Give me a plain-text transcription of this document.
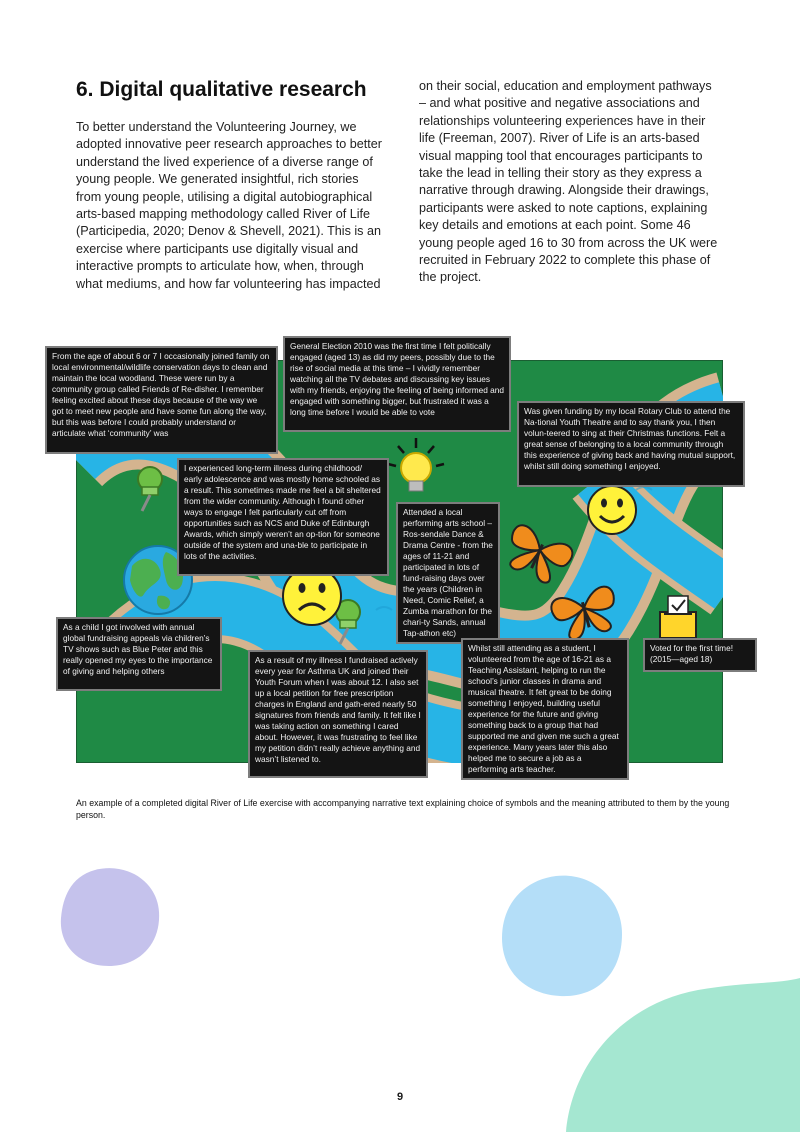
6. Digital qualitative research

To better understand the Volunteering Journey, we adopted innovative peer research approaches to better understand the lived experience of a diverse range of young people. We generated insightful, rich stories from young people, utilising a digital autobiographical arts-based mapping methodology called River of Life (Participedia, 2020; Denov & Shevell, 2021). This is an exercise where participants use digitally visual and interactive prompts to articulate how, when, through what mediums, and how far volunteering has impacted

on their social, education and employment pathways – and what positive and negative associations and relationships volunteering experiences have in their life (Freeman, 2007). River of Life is an arts-based visual mapping tool that encourages participants to take the lead in telling their story as they express a narrative through drawing. Alongside their drawings, participants were asked to note captions, explaining key details and emotions at each point. Some 46 young people aged 16 to 30 from across the UK were recruited in February 2022 to complete this phase of the project.

From the age of about 6 or 7 I occasionally joined family on local environmental/wildlife conservation days to clean and maintain the local woodland. These were run by a community group called Friends of Re-disher. I remember feeling excited about these days because of the way we got to meet new people and have some fun along the way, but this was before I could probably understand or articulate what ‘community’ was

General Election 2010 was the first time I felt politically engaged (aged 13) as did my peers, possibly due to the rise of social media at this time – I vividly remember watching all the TV debates and discussing key issues with my friends, enjoying the feeling of being informed and engaged with something bigger, but frustrated it was a long time before I would be able to vote	Was given funding by my local Rotary Club to attend the Na-tional Youth Theatre and to say thank you, I then volun-teered to sing at their Christmas functions. Felt a great sense of belonging to a local community through this experience of giving back and having mutual support, whilst still doing something I enjoyed.

I experienced long-term illness during childhood/ early adolescence and was mostly home schooled as a result. This sometimes made me feel a bit sheltered from the wider community. Although I found other ways to engage I felt particularly cut off from opportunities such as NCS and Duke of Edinburgh Awards, which simply weren’t an op-tion for someone outside of the system and una-ble to participate in lots of the activities.

Attended a local performing arts school – Ros-sendale Dance & Drama Centre - from the ages of 11-21 and participated in lots of fund-raising days over the years (Children in Need, Comic Relief, a Zumba marathon for the chari-ty Sands, annual Tap-athon etc)

As a child I got involved with annual global fundraising appeals via children’s TV shows such as Blue Peter and this really opened my eyes to the importance of giving and helping others

As a result of my illness I fundraised actively every year for Asthma UK and joined their Youth Forum when I was about 12. I also set up a local petition for free prescription charges in England and gath-ered nearly 50 signatures from friends and family. It felt like I was taking action on something I cared about. However, it was frustrating to feel like my petition didn’t really achieve anything and wasn’t listened to.

Whilst still attending as a student, I volunteered from the age of 16-21 as a Teaching Assistant, helping to run the school’s junior classes in drama and musical theatre. It felt great to be doing something I enjoyed, building useful experience for the future and giving something back to a group that had supported me and given me such a great experience. Many years later this also helped me to secure a job as a performing arts teacher.

Voted for the first time! (2015—aged 18)

An example of a completed digital River of Life exercise with accompanying narrative text explaining choice of symbols and the meaning attributed to them by the young person.

9
